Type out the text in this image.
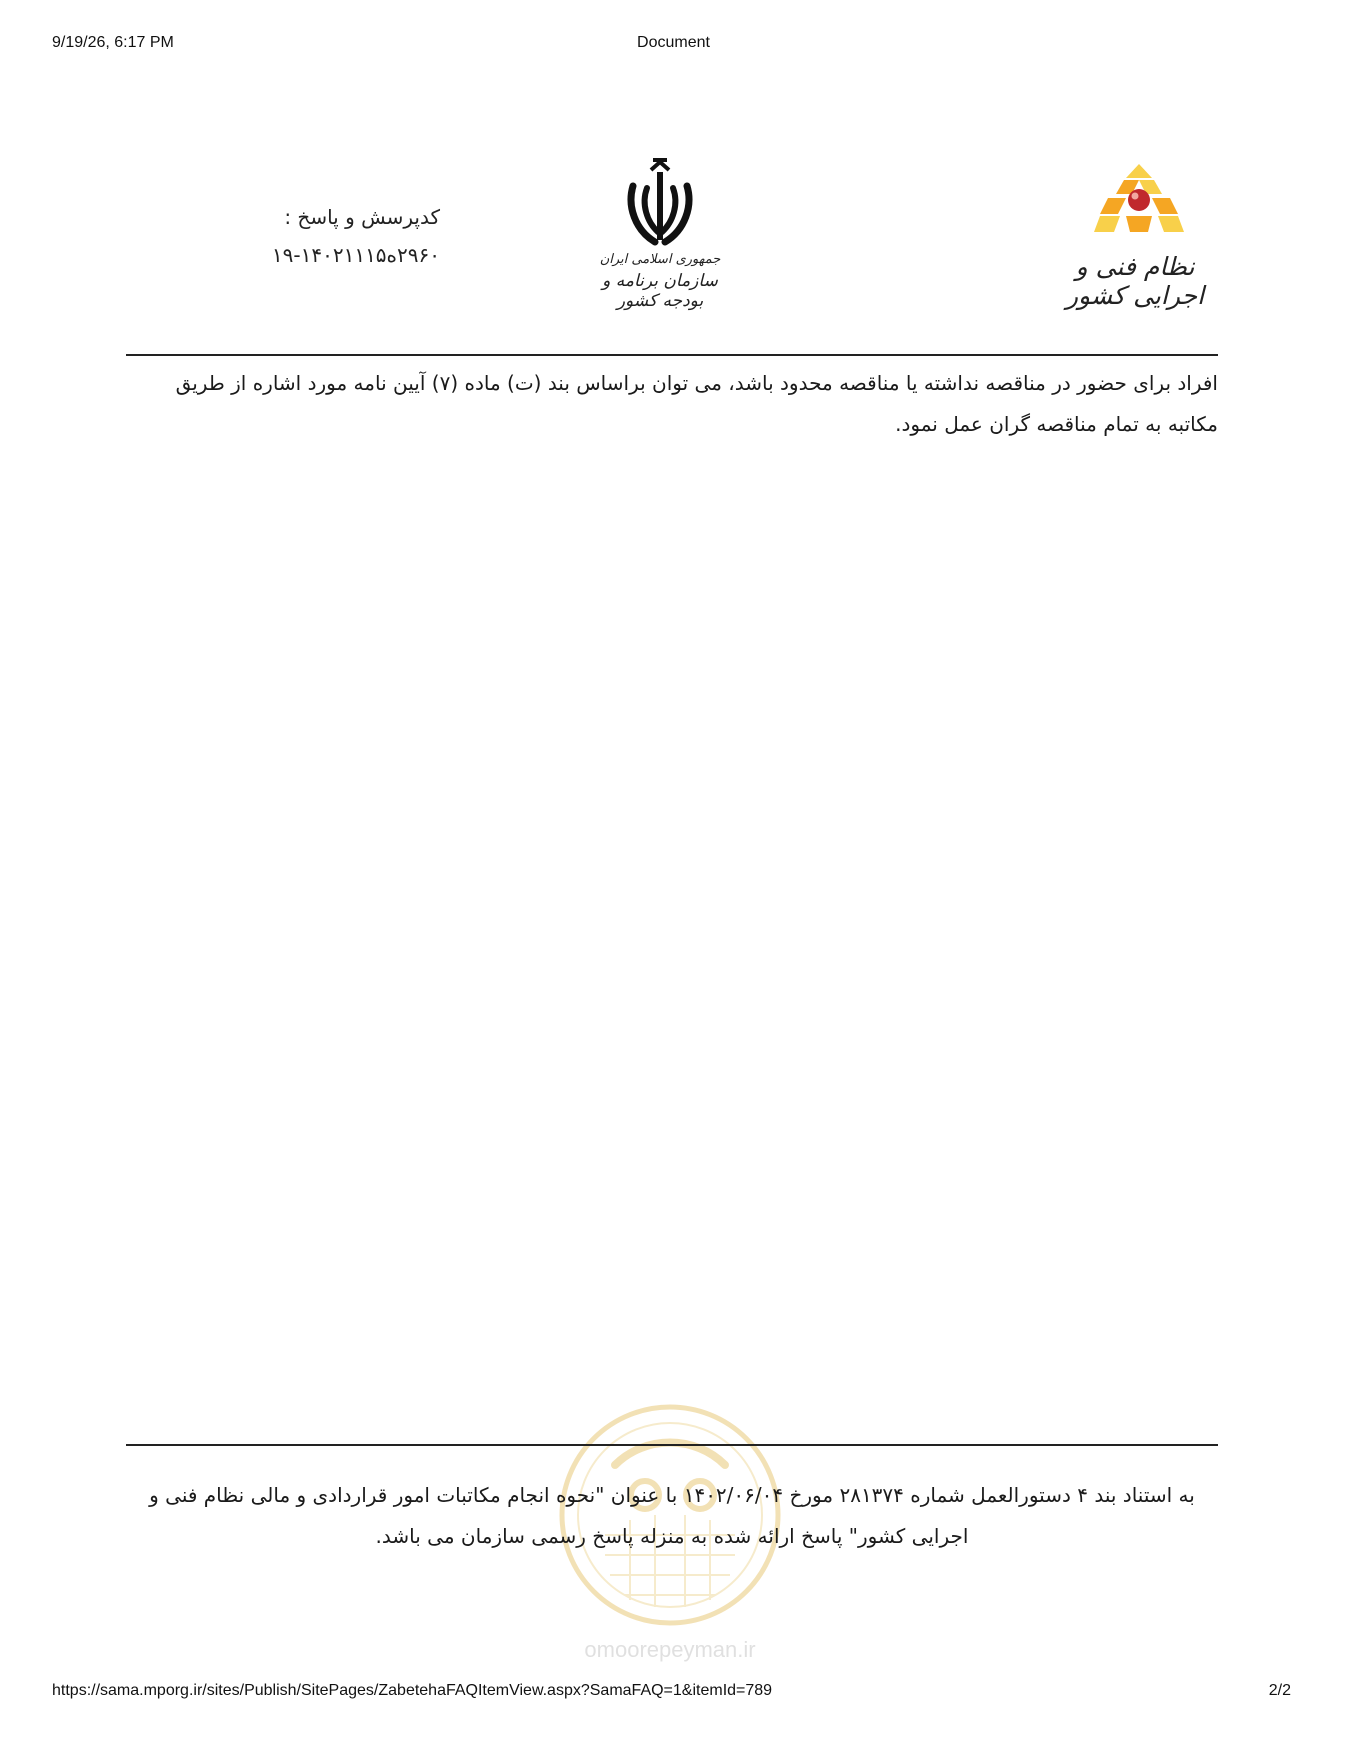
9/19/26, 6:17 PM	Document
نظام فنی و اجرایی کشور
جمهوری اسلامی ایران
سازمان برنامه و بودجه کشور
کدپرسش و پاسخ :
۲۹۶۰ه۱۴۰۲۱۱۱۵-۱۹
افراد برای حضور در مناقصه نداشته یا مناقصه محدود باشد، می توان براساس بند (ت) ماده (۷) آیین نامه مورد اشاره از طریق مکاتبه به تمام مناقصه گران عمل نمود.
omoorepeyman.ir
به استناد بند ۴ دستورالعمل شماره ۲۸۱۳۷۴ مورخ ۱۴۰۲/۰۶/۰۴ با عنوان "نحوه انجام مکاتبات امور قراردادی و مالی نظام فنی و اجرایی کشور" پاسخ ارائه شده به منزله پاسخ رسمی سازمان می باشد.
https://sama.mporg.ir/sites/Publish/SitePages/ZabetehaFAQItemView.aspx?SamaFAQ=1&itemId=789	2/2
